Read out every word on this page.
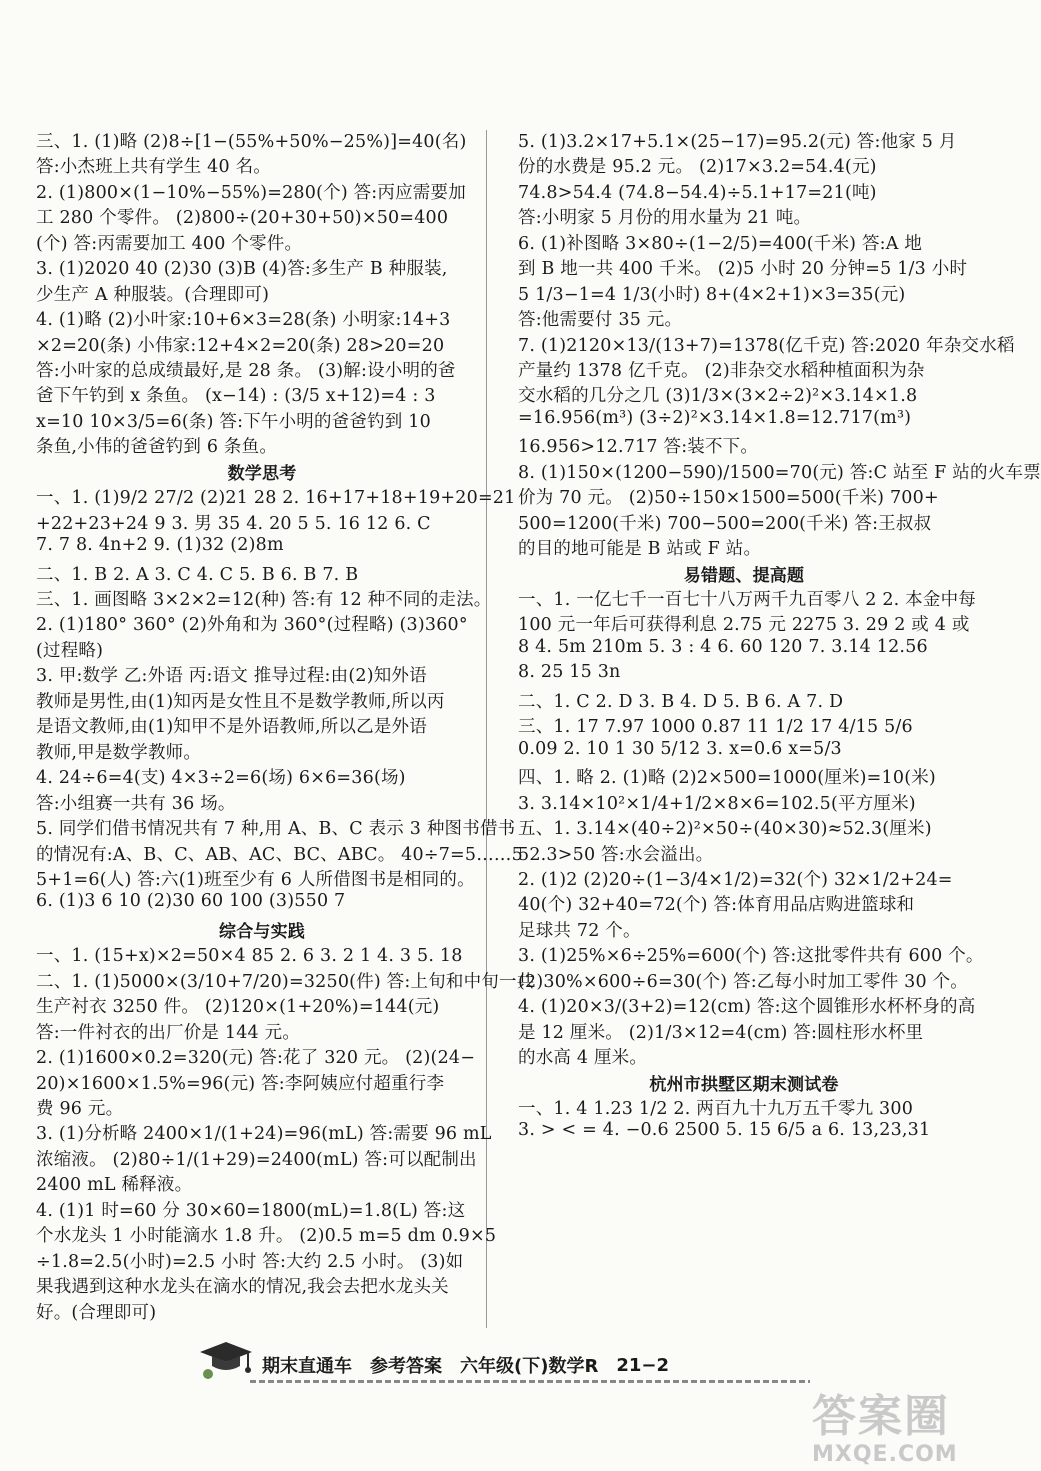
三、1. (1)略 (2)8÷[1−(55%+50%−25%)]=40(名)
答:小杰班上共有学生 40 名。
2. (1)800×(1−10%−55%)=280(个) 答:丙应需要加
工 280 个零件。 (2)800÷(20+30+50)×50=400
(个) 答:丙需要加工 400 个零件。
3. (1)2020 40 (2)30 (3)B (4)答:多生产 B 种服装,
少生产 A 种服装。(合理即可)
4. (1)略 (2)小叶家:10+6×3=28(条) 小明家:14+3
×2=20(条) 小伟家:12+4×2=20(条) 28>20=20
答:小叶家的总成绩最好,是 28 条。 (3)解:设小明的爸
爸下午钓到 x 条鱼。 (x−14) : (3/5 x+12)=4 : 3
x=10 10×3/5=6(条) 答:下午小明的爸爸钓到 10
条鱼,小伟的爸爸钓到 6 条鱼。
数学思考
一、1. (1)9/2 27/2 (2)21 28 2. 16+17+18+19+20=21
+22+23+24 9 3. 男 35 4. 20 5 5. 16 12 6. C
7. 7 8. 4n+2 9. (1)32 (2)8m
二、1. B 2. A 3. C 4. C 5. B 6. B 7. B
三、1. 画图略 3×2×2=12(种) 答:有 12 种不同的走法。
2. (1)180° 360° (2)外角和为 360°(过程略) (3)360°
(过程略)
3. 甲:数学 乙:外语 丙:语文 推导过程:由(2)知外语
教师是男性,由(1)知丙是女性且不是数学教师,所以丙
是语文教师,由(1)知甲不是外语教师,所以乙是外语
教师,甲是数学教师。
4. 24÷6=4(支) 4×3÷2=6(场) 6×6=36(场)
答:小组赛一共有 36 场。
5. 同学们借书情况共有 7 种,用 A、B、C 表示 3 种图书借书
的情况有:A、B、C、AB、AC、BC、ABC。 40÷7=5……5
5+1=6(人) 答:六(1)班至少有 6 人所借图书是相同的。
6. (1)3 6 10 (2)30 60 100 (3)550 7
综合与实践
一、1. (15+x)×2=50×4 85 2. 6 3. 2 1 4. 3 5. 18
二、1. (1)5000×(3/10+7/20)=3250(件) 答:上旬和中旬一共
生产衬衣 3250 件。 (2)120×(1+20%)=144(元)
答:一件衬衣的出厂价是 144 元。
2. (1)1600×0.2=320(元) 答:花了 320 元。 (2)(24−
20)×1600×1.5%=96(元) 答:李阿姨应付超重行李
费 96 元。
3. (1)分析略 2400×1/(1+24)=96(mL) 答:需要 96 mL
浓缩液。 (2)80÷1/(1+29)=2400(mL) 答:可以配制出
2400 mL 稀释液。
4. (1)1 时=60 分 30×60=1800(mL)=1.8(L) 答:这
个水龙头 1 小时能滴水 1.8 升。 (2)0.5 m=5 dm 0.9×5
÷1.8=2.5(小时)=2.5 小时 答:大约 2.5 小时。 (3)如
果我遇到这种水龙头在滴水的情况,我会去把水龙头关
好。(合理即可)
5. (1)3.2×17+5.1×(25−17)=95.2(元) 答:他家 5 月
份的水费是 95.2 元。 (2)17×3.2=54.4(元)
74.8>54.4 (74.8−54.4)÷5.1+17=21(吨)
答:小明家 5 月份的用水量为 21 吨。
6. (1)补图略 3×80÷(1−2/5)=400(千米) 答:A 地
到 B 地一共 400 千米。 (2)5 小时 20 分钟=5 1/3 小时
5 1/3−1=4 1/3(小时) 8+(4×2+1)×3=35(元)
答:他需要付 35 元。
7. (1)2120×13/(13+7)=1378(亿千克) 答:2020 年杂交水稻
产量约 1378 亿千克。 (2)非杂交水稻种植面积为杂
交水稻的几分之几 (3)1/3×(3×2÷2)²×3.14×1.8
=16.956(m³) (3÷2)²×3.14×1.8=12.717(m³)
16.956>12.717 答:装不下。
8. (1)150×(1200−590)/1500=70(元) 答:C 站至 F 站的火车票
价为 70 元。 (2)50÷150×1500=500(千米) 700+
500=1200(千米) 700−500=200(千米) 答:王叔叔
的目的地可能是 B 站或 F 站。
易错题、提高题
一、1. 一亿七千一百七十八万两千九百零八 2 2. 本金中每
100 元一年后可获得利息 2.75 元 2275 3. 29 2 或 4 或
8 4. 5m 210m 5. 3 : 4 6. 60 120 7. 3.14 12.56
8. 25 15 3n
二、1. C 2. D 3. B 4. D 5. B 6. A 7. D
三、1. 17 7.97 1000 0.87 11 1/2 17 4/15 5/6
0.09 2. 10 1 30 5/12 3. x=0.6 x=5/3
四、1. 略 2. (1)略 (2)2×500=1000(厘米)=10(米)
3. 3.14×10²×1/4+1/2×8×6=102.5(平方厘米)
五、1. 3.14×(40÷2)²×50÷(40×30)≈52.3(厘米)
52.3>50 答:水会溢出。
2. (1)2 (2)20÷(1−3/4×1/2)=32(个) 32×1/2+24=
40(个) 32+40=72(个) 答:体育用品店购进篮球和
足球共 72 个。
3. (1)25%×6÷25%=600(个) 答:这批零件共有 600 个。
(2)30%×600÷6=30(个) 答:乙每小时加工零件 30 个。
4. (1)20×3/(3+2)=12(cm) 答:这个圆锥形水杯杯身的高
是 12 厘米。 (2)1/3×12=4(cm) 答:圆柱形水杯里
的水高 4 厘米。
杭州市拱墅区期末测试卷
一、1. 4 1.23 1/2 2. 两百九十九万五千零九 300
3. > < = 4. −0.6 2500 5. 15 6/5 a 6. 13,23,31
期末直通车 参考答案 六年级(下)数学R 21−2
答案圈
MXQE.COM
